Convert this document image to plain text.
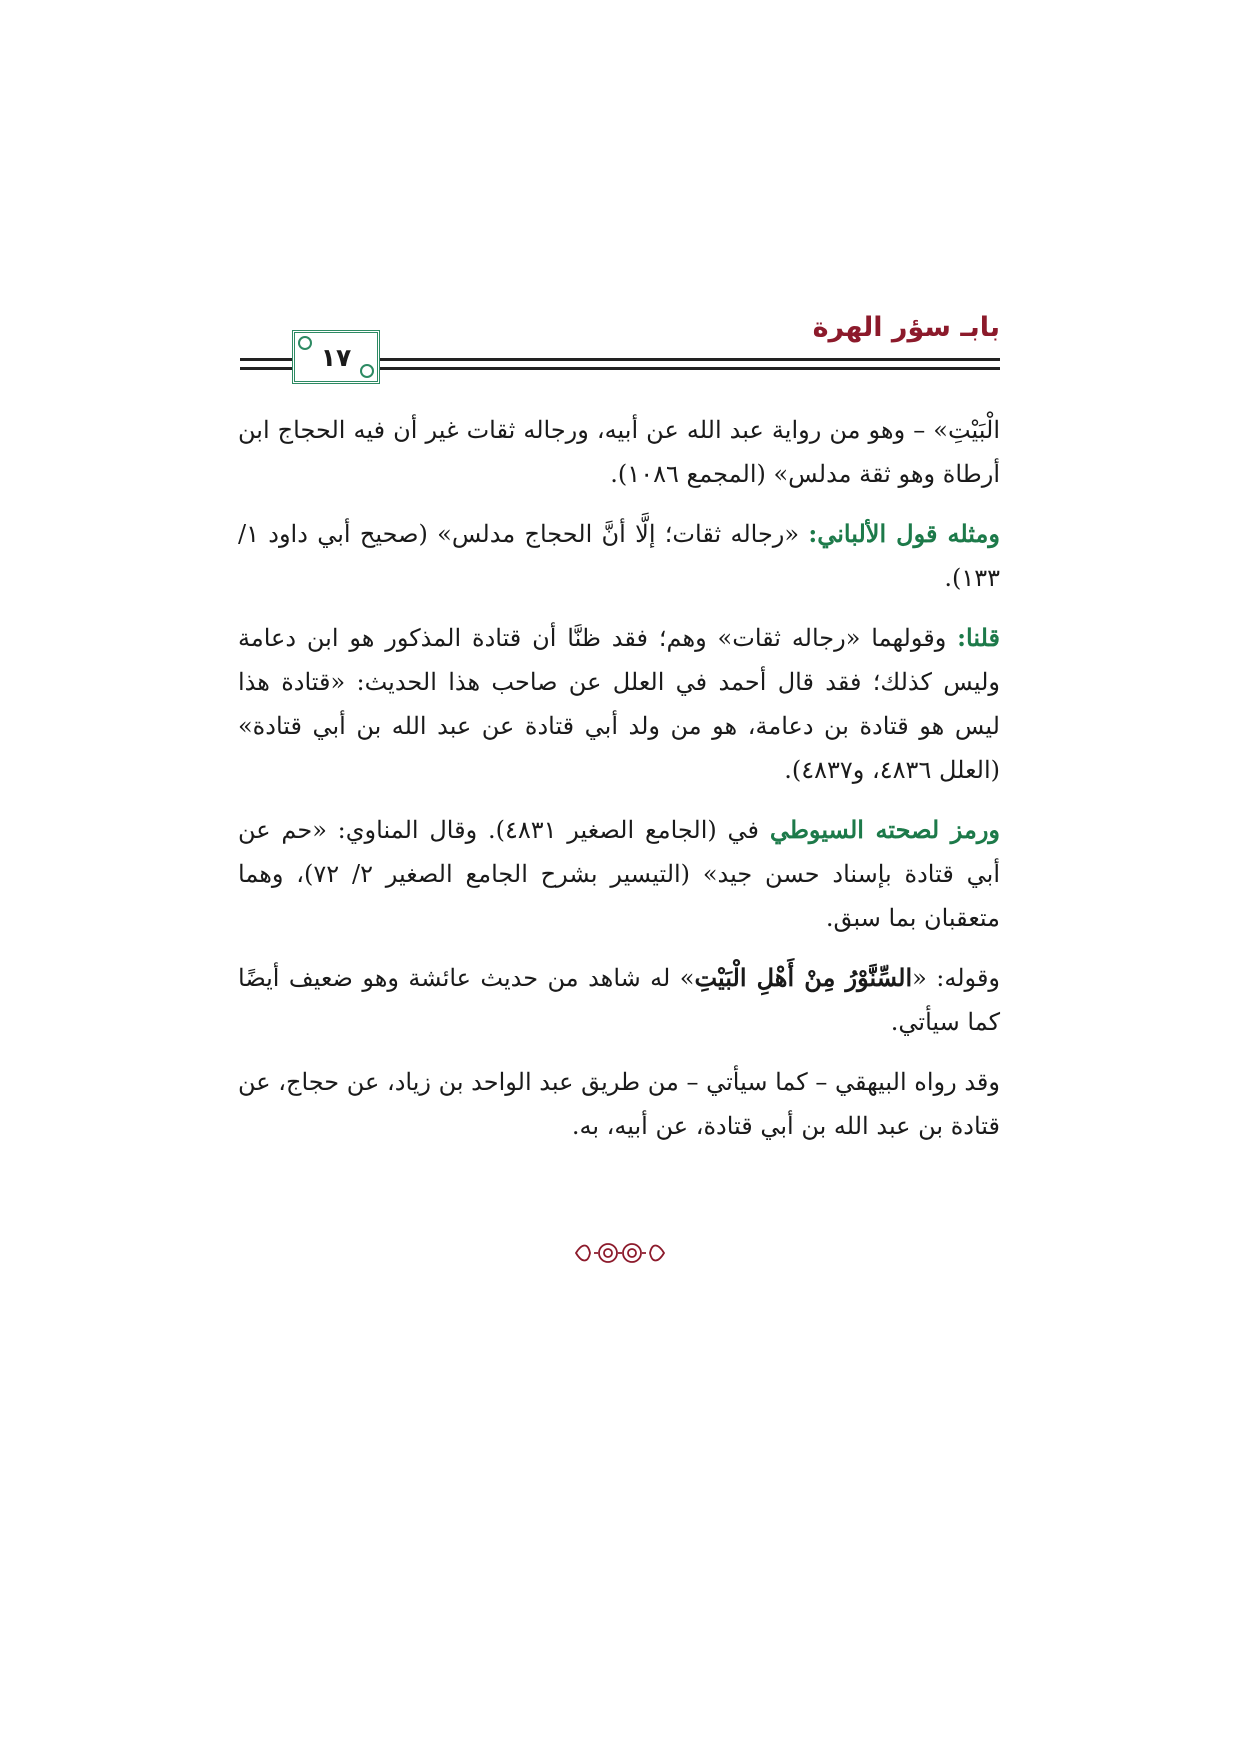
بابـ سؤر الهرة
١٧

الْبَيْتِ» – وهو من رواية عبد الله عن أبيه، ورجاله ثقات غير أن فيه الحجاج ابن أرطاة وهو ثقة مدلس» (المجمع ١٠٨٦).

ومثله قول الألباني: «رجاله ثقات؛ إلَّا أنَّ الحجاج مدلس» (صحيح أبي داود ١/ ١٣٣).

قلنا: وقولهما «رجاله ثقات» وهم؛ فقد ظنَّا أن قتادة المذكور هو ابن دعامة وليس كذلك؛ فقد قال أحمد في العلل عن صاحب هذا الحديث: «قتادة هذا ليس هو قتادة بن دعامة، هو من ولد أبي قتادة عن عبد الله بن أبي قتادة» (العلل ٤٨٣٦، و٤٨٣٧).

ورمز لصحته السيوطي في (الجامع الصغير ٤٨٣١). وقال المناوي: «حم عن أبي قتادة بإسناد حسن جيد» (التيسير بشرح الجامع الصغير ٢/ ٧٢)، وهما متعقبان بما سبق.

وقوله: «السِّنَّوْرُ مِنْ أَهْلِ الْبَيْتِ» له شاهد من حديث عائشة وهو ضعيف أيضًا كما سيأتي.

وقد رواه البيهقي – كما سيأتي – من طريق عبد الواحد بن زياد، عن حجاج، عن قتادة بن عبد الله بن أبي قتادة، عن أبيه، به.
